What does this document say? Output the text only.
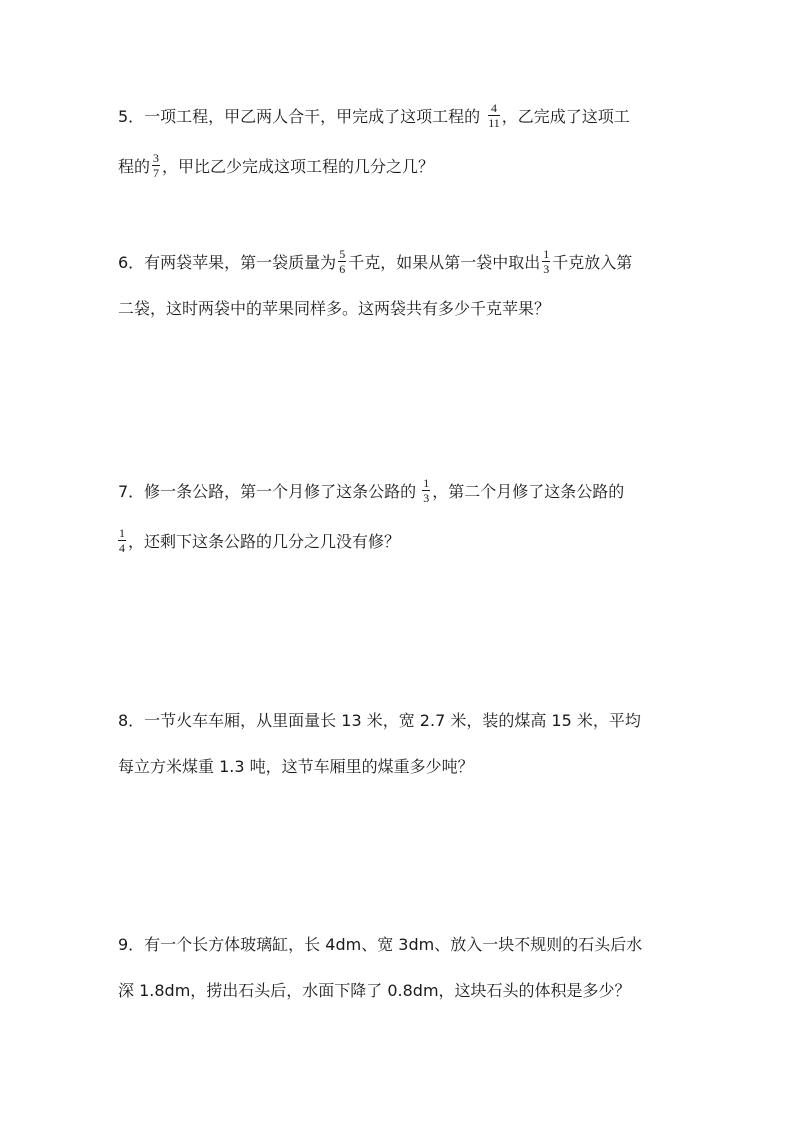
5．一项工程，甲乙两人合干，甲完成了这项工程的 $\frac{4}{11}$ ，乙完成了这项工
程的 $\frac{3}{7}$ ，甲比乙少完成这项工程的几分之几？
6．有两袋苹果，第一袋质量为 $\frac{5}{6}$ 千克，如果从第一袋中取出 $\frac{1}{3}$ 千克放入第
二袋，这时两袋中的苹果同样多。这两袋共有多少千克苹果？
7．修一条公路，第一个月修了这条公路的 $\frac{1}{3}$ ，第二个月修了这条公路的
$\frac{1}{4}$ ，还剩下这条公路的几分之几没有修？
8．一节火车车厢，从里面量长 13 米，宽 2.7 米，装的煤高 15 米，平均
每立方米煤重 1.3 吨，这节车厢里的煤重多少吨？
9．有一个长方体玻璃缸，长 4dm、宽 3dm、放入一块不规则的石头后水
深 1.8dm，捞出石头后，水面下降了 0.8dm，这块石头的体积是多少？
